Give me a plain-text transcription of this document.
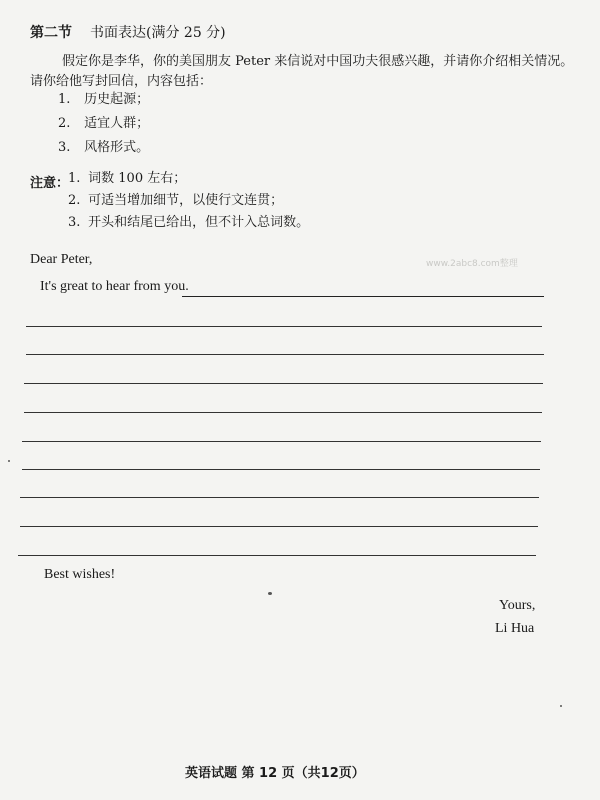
第二节 书面表达(满分 25 分)
假定你是李华，你的美国朋友 Peter 来信说对中国功夫很感兴趣，并请你介绍相关情况。
请你给他写封回信，内容包括：
1. 历史起源；
2. 适宜人群；
3. 风格形式。
注意：
1. 词数 100 左右；
2. 可适当增加细节，以使行文连贯；
3. 开头和结尾已给出，但不计入总词数。
www.2abc8.com整理
Dear Peter,
It's great to hear from you.
Best wishes!
Yours,
Li Hua
英语试题 第 12 页（共12页）
